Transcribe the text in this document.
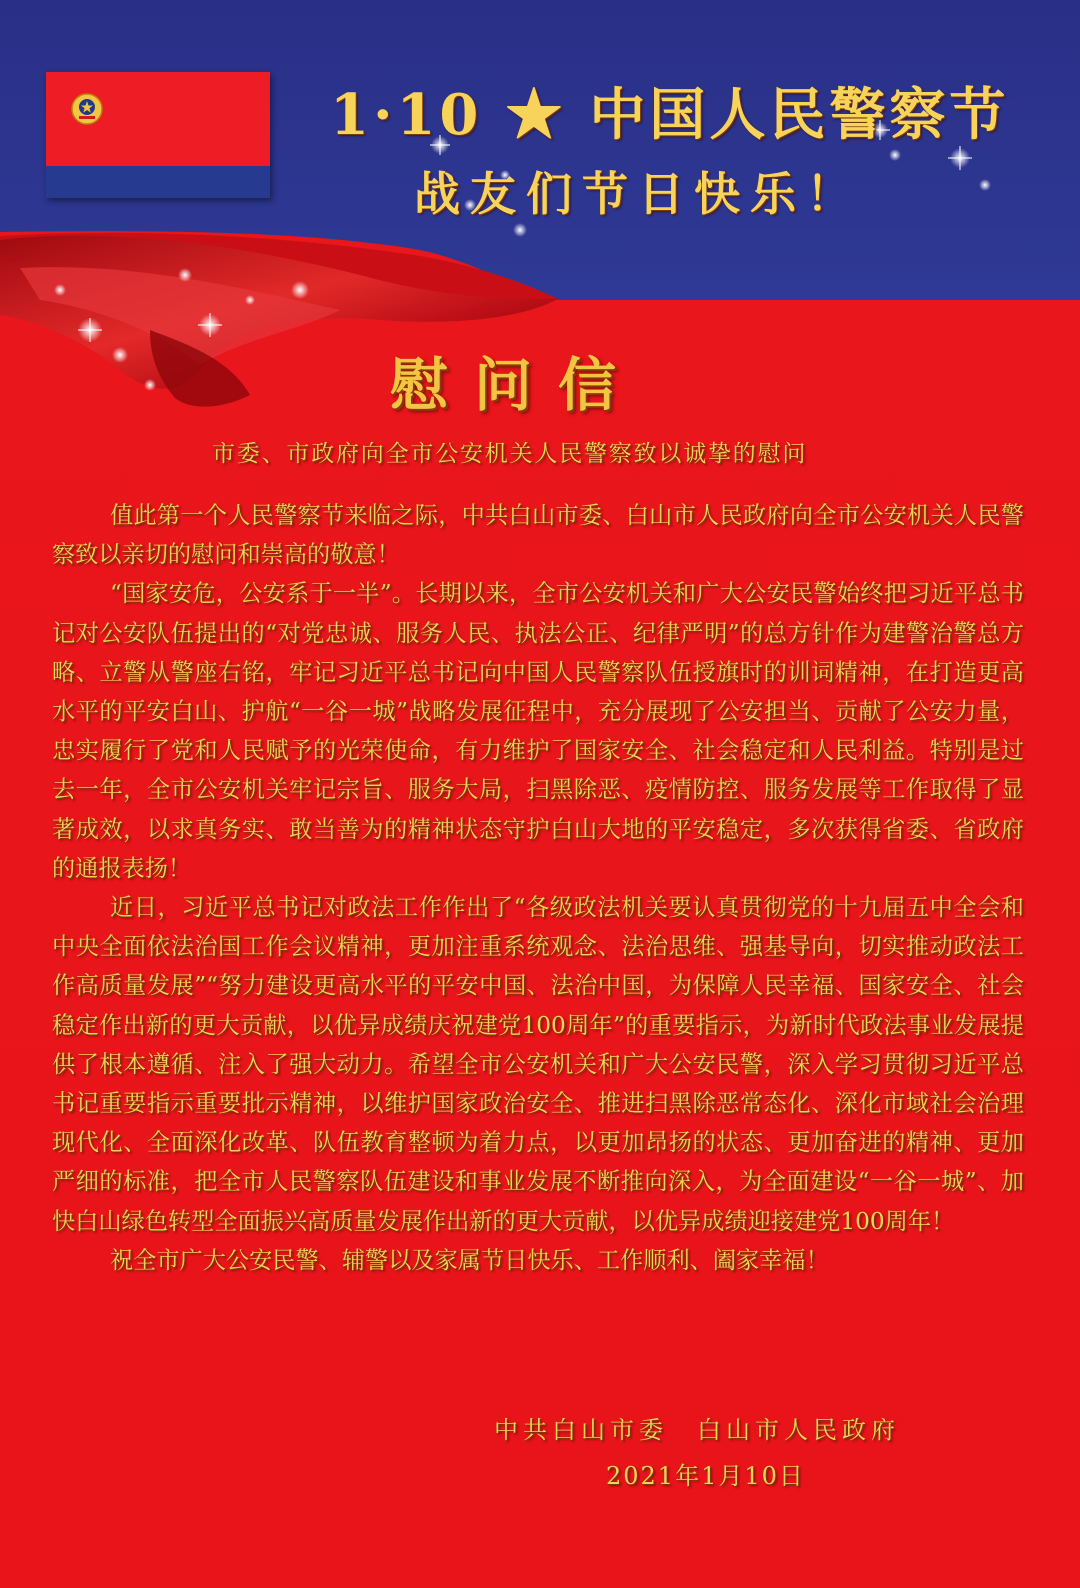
1·10 ★ 中国人民警察节
战友们节日快乐！
慰问信
市委、市政府向全市公安机关人民警察致以诚挚的慰问

值此第一个人民警察节来临之际，中共白山市委、白山市人民政府向全市公安机关人民警察致以亲切的慰问和崇高的敬意！

“国家安危，公安系于一半”。长期以来，全市公安机关和广大公安民警始终把习近平总书记对公安队伍提出的“对党忠诚、服务人民、执法公正、纪律严明”的总方针作为建警治警总方略、立警从警座右铭，牢记习近平总书记向中国人民警察队伍授旗时的训词精神，在打造更高水平的平安白山、护航“一谷一城”战略发展征程中，充分展现了公安担当、贡献了公安力量，忠实履行了党和人民赋予的光荣使命，有力维护了国家安全、社会稳定和人民利益。特别是过去一年，全市公安机关牢记宗旨、服务大局，扫黑除恶、疫情防控、服务发展等工作取得了显著成效，以求真务实、敢当善为的精神状态守护白山大地的平安稳定，多次获得省委、省政府的通报表扬！

近日，习近平总书记对政法工作作出了“各级政法机关要认真贯彻党的十九届五中全会和中央全面依法治国工作会议精神，更加注重系统观念、法治思维、强基导向，切实推动政法工作高质量发展”“努力建设更高水平的平安中国、法治中国，为保障人民幸福、国家安全、社会稳定作出新的更大贡献，以优异成绩庆祝建党100周年”的重要指示，为新时代政法事业发展提供了根本遵循、注入了强大动力。希望全市公安机关和广大公安民警，深入学习贯彻习近平总书记重要指示重要批示精神，以维护国家政治安全、推进扫黑除恶常态化、深化市域社会治理现代化、全面深化改革、队伍教育整顿为着力点，以更加昂扬的状态、更加奋进的精神、更加严细的标准，把全市人民警察队伍建设和事业发展不断推向深入，为全面建设“一谷一城”、加快白山绿色转型全面振兴高质量发展作出新的更大贡献，以优异成绩迎接建党100周年！

祝全市广大公安民警、辅警以及家属节日快乐、工作顺利、阖家幸福！

中共白山市委　白山市人民政府
2021年1月10日
